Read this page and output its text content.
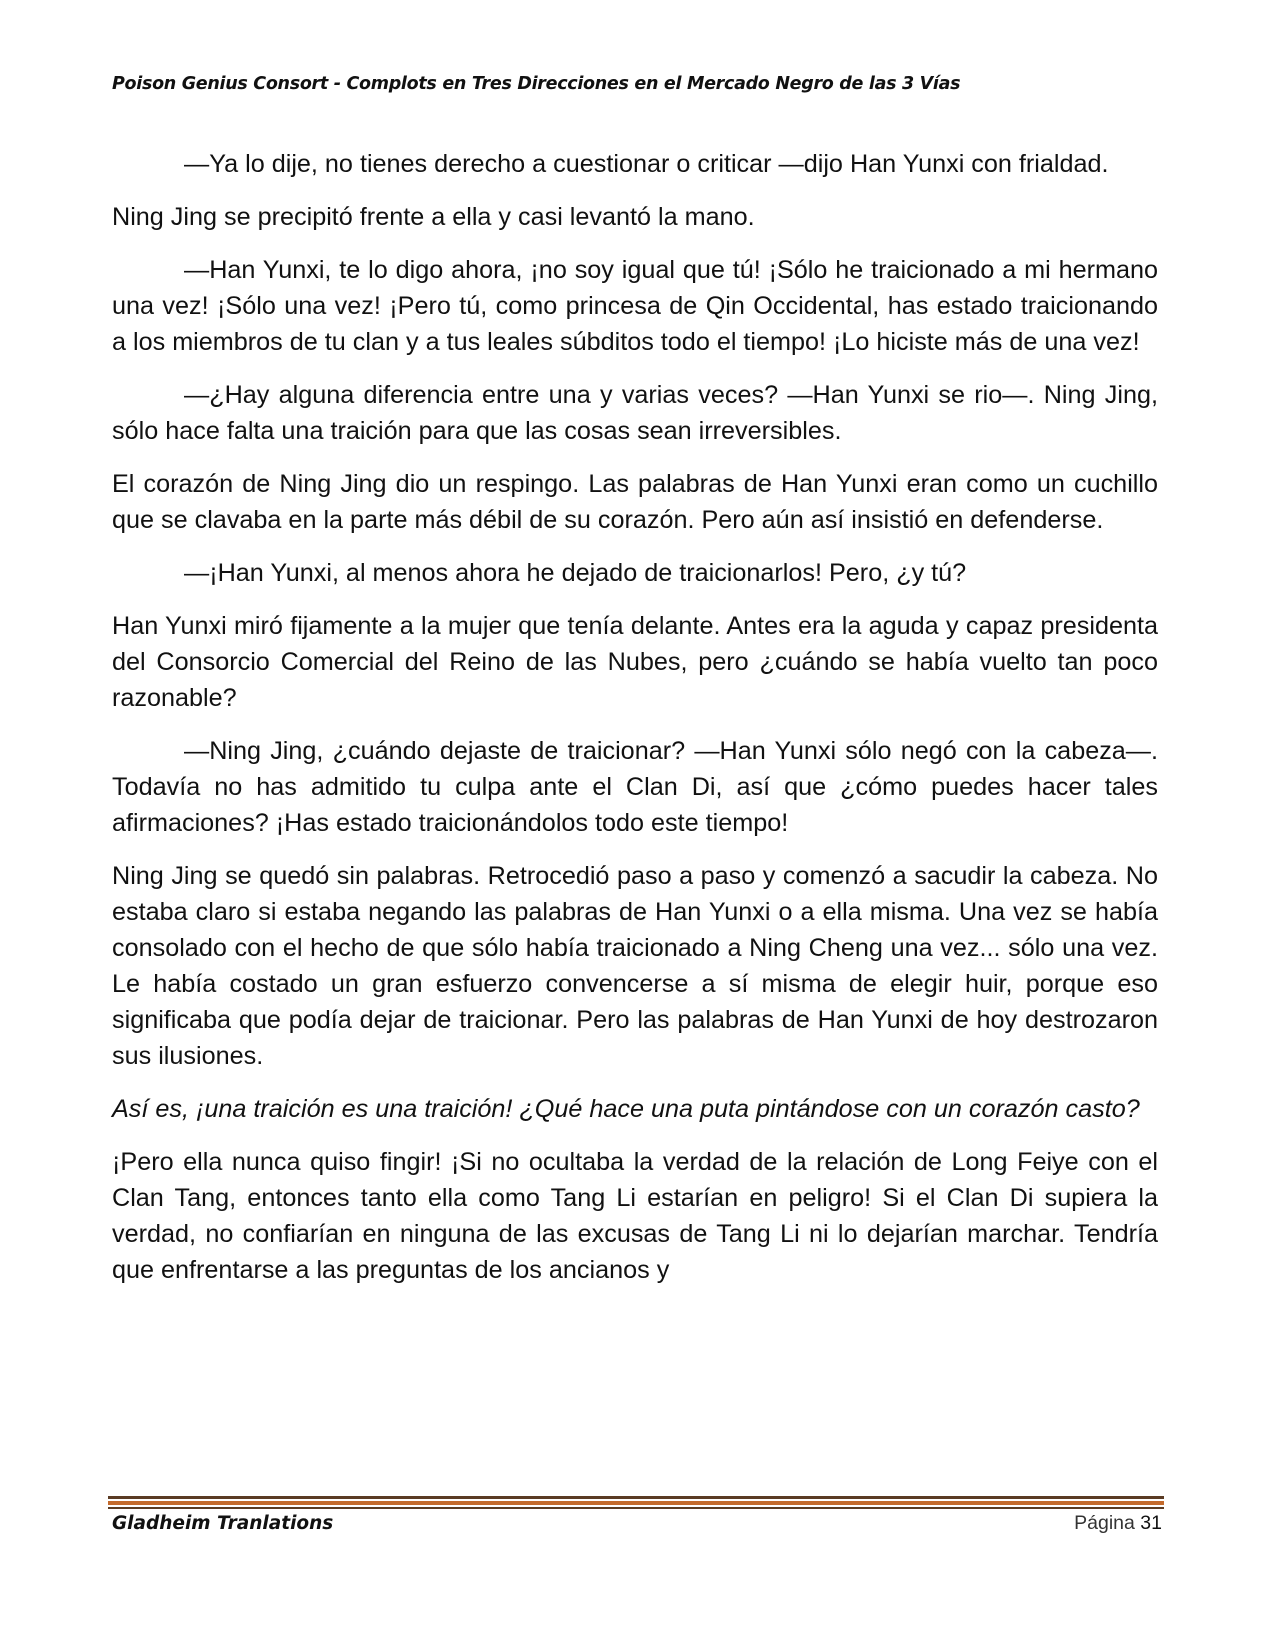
Poison Genius Consort - Complots en Tres Direcciones en el Mercado Negro de las 3 Vías

—Ya lo dije, no tienes derecho a cuestionar o criticar —dijo Han Yunxi con frialdad.

Ning Jing se precipitó frente a ella y casi levantó la mano.

—Han Yunxi, te lo digo ahora, ¡no soy igual que tú! ¡Sólo he traicionado a mi hermano una vez! ¡Sólo una vez! ¡Pero tú, como princesa de Qin Occidental, has estado traicionando a los miembros de tu clan y a tus leales súbditos todo el tiempo! ¡Lo hiciste más de una vez!

—¿Hay alguna diferencia entre una y varias veces? —Han Yunxi se rio—. Ning Jing, sólo hace falta una traición para que las cosas sean irreversibles.

El corazón de Ning Jing dio un respingo. Las palabras de Han Yunxi eran como un cuchillo que se clavaba en la parte más débil de su corazón. Pero aún así insistió en defenderse.

—¡Han Yunxi, al menos ahora he dejado de traicionarlos! Pero, ¿y tú?

Han Yunxi miró fijamente a la mujer que tenía delante. Antes era la aguda y capaz presidenta del Consorcio Comercial del Reino de las Nubes, pero ¿cuándo se había vuelto tan poco razonable?

—Ning Jing, ¿cuándo dejaste de traicionar? —Han Yunxi sólo negó con la cabeza—. Todavía no has admitido tu culpa ante el Clan Di, así que ¿cómo puedes hacer tales afirmaciones? ¡Has estado traicionándolos todo este tiempo!

Ning Jing se quedó sin palabras. Retrocedió paso a paso y comenzó a sacudir la cabeza. No estaba claro si estaba negando las palabras de Han Yunxi o a ella misma. Una vez se había consolado con el hecho de que sólo había traicionado a Ning Cheng una vez... sólo una vez. Le había costado un gran esfuerzo convencerse a sí misma de elegir huir, porque eso significaba que podía dejar de traicionar. Pero las palabras de Han Yunxi de hoy destrozaron sus ilusiones.

Así es, ¡una traición es una traición! ¿Qué hace una puta pintándose con un corazón casto?

¡Pero ella nunca quiso fingir! ¡Si no ocultaba la verdad de la relación de Long Feiye con el Clan Tang, entonces tanto ella como Tang Li estarían en peligro! Si el Clan Di supiera la verdad, no confiarían en ninguna de las excusas de Tang Li ni lo dejarían marchar. Tendría que enfrentarse a las preguntas de los ancianos y

Gladheim Tranlations	Página 31
